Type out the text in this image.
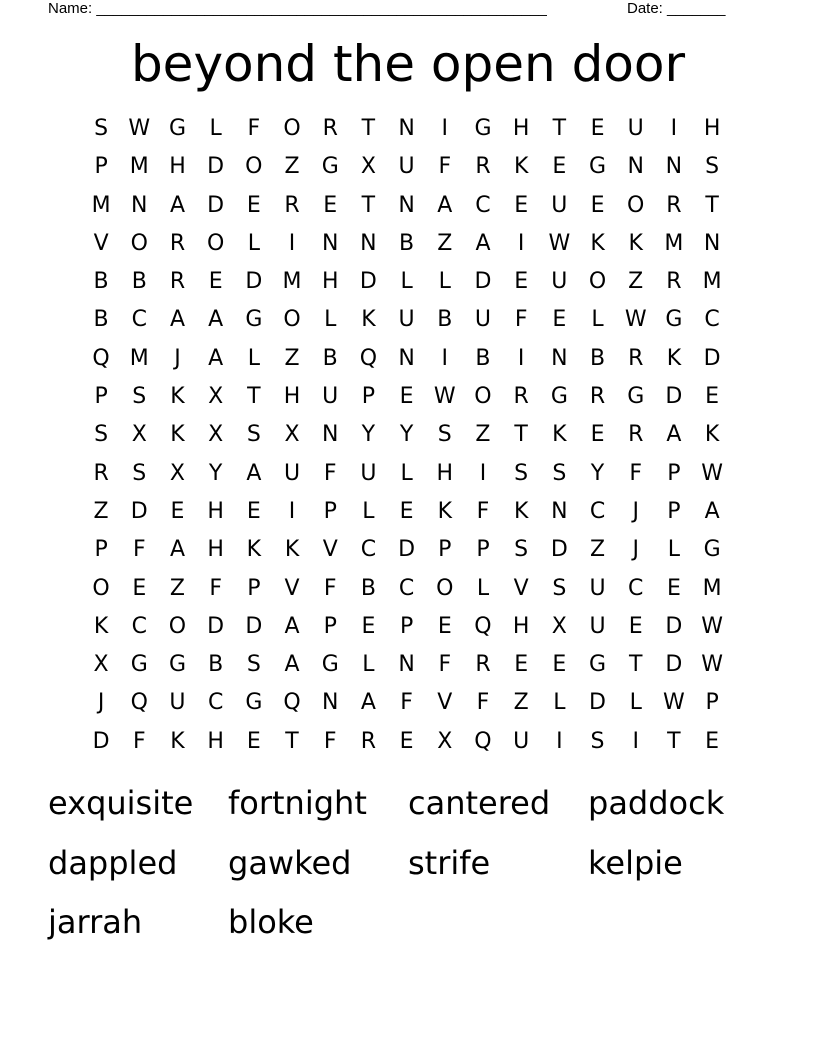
Name: ______________________________________________________	Date: _______
beyond the open door
S W G	L	F	O R	T	N	I	G H	T	E	U	I	H
P	M H D O Z	G	X	U	F	R	K	E	G N N	S
M N	A	D	E	R	E	T	N	A	C	E	U	E	O R	T
V O R O	L	I	N N	B	Z	A	I	W K	K M N
B	B	R	E	D M H D	L	L	D	E	U O Z	R M
B	C	A	A	G O	L	K	U	B	U	F	E	L W G C
Q M	J	A	L	Z	B Q N	I	B	I	N	B	R	K	D
P	S	K	X	T	H U	P	E W O R	G	R	G D	E
S	X	K	X	S	X	N	Y	Y	S	Z	T	K	E	R	A	K
R	S	X	Y	A	U	F	U	L	H	I	S	S	Y	F	P W
Z	D	E	H	E	I	P	L	E	K	F	K	N	C	J	P	A
P	F	A	H	K	K	V	C	D	P	P	S	D	Z	J	L	G
O	E	Z	F	P	V	F	B	C O	L	V	S	U	C	E M
K	C O D D	A	P	E	P	E	Q H	X	U	E	D W
X	G G	B	S	A	G	L	N	F	R	E	E	G	T	D W
J	Q U	C G Q N	A	F	V	F	Z	L	D	L W P
D	F	K	H	E	T	F	R	E	X Q U	I	S	I	T	E
exquisite	fortnight	cantered	paddock
dappled	gawked	strife	kelpie
jarrah	bloke
